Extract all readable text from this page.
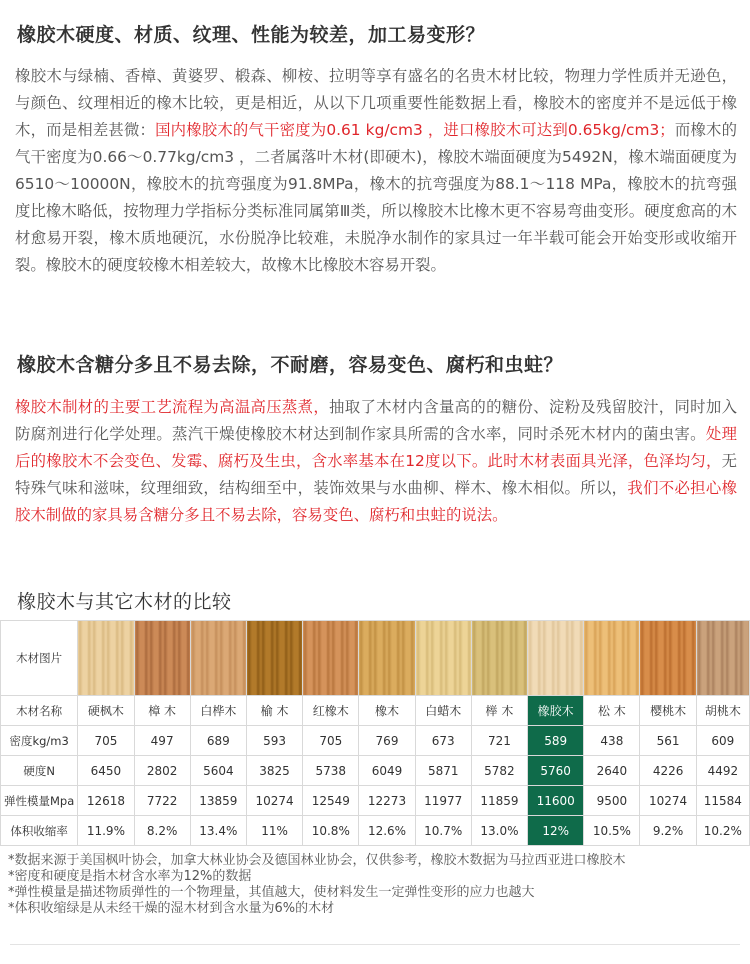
橡胶木硬度、材质、纹理、性能为较差，加工易变形？

橡胶木与绿楠、香樟、黄婆罗、椴森、柳桉、拉明等享有盛名的名贵木材比较，物理力学性质并无逊色，与颜色、纹理相近的橡木比较，更是相近，从以下几项重要性能数据上看，橡胶木的密度并不是远低于橡木，而是相差甚微：国内橡胶木的气干密度为0.61 kg/cm3 ，进口橡胶木可达到0.65kg/cm3；而橡木的气干密度为0.66～0.77kg/cm3 ，二者属落叶木材(即硬木)，橡胶木端面硬度为5492N，橡木端面硬度为6510～10000N，橡胶木的抗弯强度为91.8MPa，橡木的抗弯强度为88.1～118 MPa，橡胶木的抗弯强度比橡木略低，按物理力学指标分类标准同属第Ⅲ类，所以橡胶木比橡木更不容易弯曲变形。硬度愈高的木材愈易开裂，橡木质地硬沉，水份脱净比较难，未脱净水制作的家具过一年半载可能会开始变形或收缩开裂。橡胶木的硬度较橡木相差较大，故橡木比橡胶木容易开裂。

橡胶木含糖分多且不易去除，不耐磨，容易变色、腐朽和虫蛀？

橡胶木制材的主要工艺流程为高温高压蒸煮，抽取了木材内含量高的的糖份、淀粉及残留胶汁，同时加入防腐剂进行化学处理。蒸汽干燥使橡胶木材达到制作家具所需的含水率，同时杀死木材内的菌虫害。处理后的橡胶木不会变色、发霉、腐朽及生虫，含水率基本在12度以下。此时木材表面具光泽，色泽均匀，无特殊气味和滋味，纹理细致，结构细至中，装饰效果与水曲柳、榉木、橡木相似。所以，我们不必担心橡胶木制做的家具易含糖分多且不易去除，容易变色、腐朽和虫蛀的说法。

橡胶木与其它木材的比较
木材图片	

木材名称	硬枫木	樟 木	白桦木	榆 木	红橡木	橡木	白蜡木	榉 木	橡胶木	松 木	樱桃木	胡桃木
密度kg/m3	705	497	689	593	705	769	673	721	589	438	561	609
硬度N	6450	2802	5604	3825	5738	6049	5871	5782	5760	2640	4226	4492
弹性模量Mpa	12618	7722	13859	10274	12549	12273	11977	11859	11600	9500	10274	11584
体积收缩率	11.9%	8.2%	13.4%	11%	10.8%	12.6%	10.7%	13.0%	12%	10.5%	9.2%	10.2%
*数据来源于美国枫叶协会，加拿大林业协会及德国林业协会，仅供参考，橡胶木数据为马拉西亚进口橡胶木
*密度和硬度是指木材含水率为12%的数据
*弹性模量是描述物质弹性的一个物理量，其值越大，使材料发生一定弹性变形的应力也越大
*体积收缩绿是从未经干燥的湿木材到含水量为6%的木材
